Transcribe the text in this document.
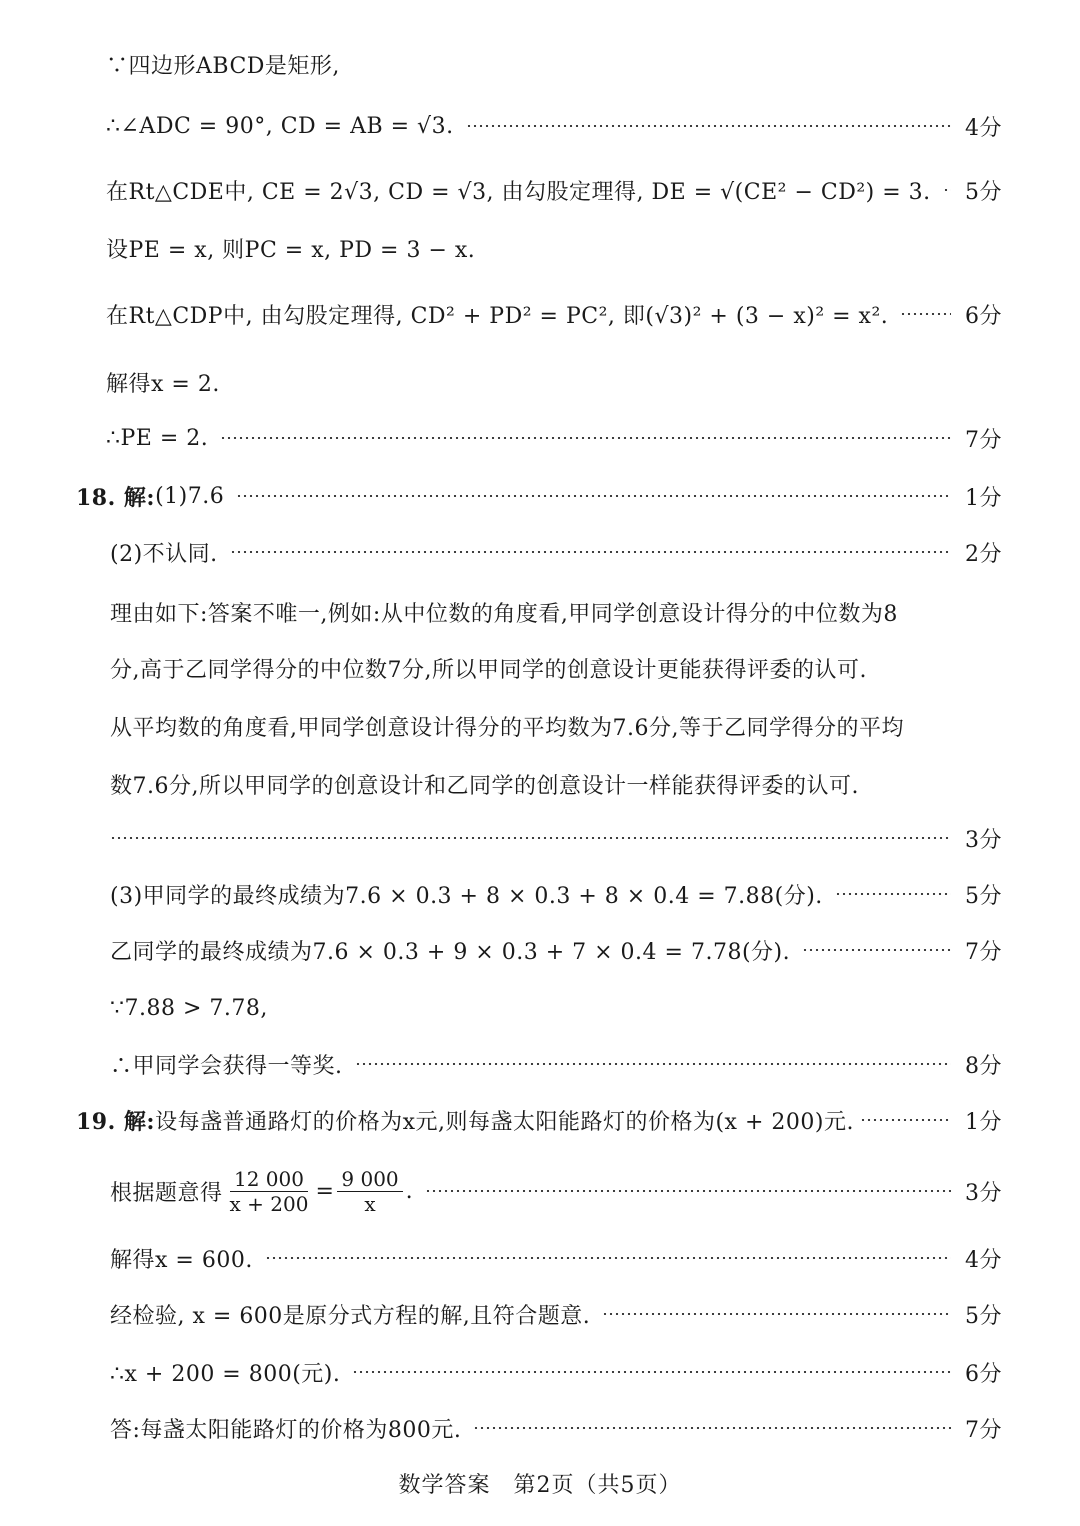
∵四边形ABCD是矩形,
∴∠ADC = 90°, CD = AB = √3.	4分
在Rt△CDE中, CE = 2√3, CD = √3, 由勾股定理得, DE = √(CE² − CD²) = 3. 5分
设PE = x, 则PC = x, PD = 3 − x.
在Rt△CDP中, 由勾股定理得, CD² + PD² = PC², 即(√3)² + (3 − x)² = x².	6分
解得x = 2.
∴PE = 2.	7分
18. 解: (1)7.6	1分
(2)不认同.	2分
理由如下:答案不唯一,例如:从中位数的角度看,甲同学创意设计得分的中位数为8
分,高于乙同学得分的中位数7分,所以甲同学的创意设计更能获得评委的认可.
从平均数的角度看,甲同学创意设计得分的平均数为7.6分,等于乙同学得分的平均
数7.6分,所以甲同学的创意设计和乙同学的创意设计一样能获得评委的认可.
3分
(3)甲同学的最终成绩为7.6 × 0.3 + 8 × 0.3 + 8 × 0.4 = 7.88(分).	5分
乙同学的最终成绩为7.6 × 0.3 + 9 × 0.3 + 7 × 0.4 = 7.78(分).	7分
∵7.88 > 7.78,
∴甲同学会获得一等奖.	8分
19. 解: 设每盏普通路灯的价格为x元,则每盏太阳能路灯的价格为(x + 200)元.	1分
根据题意得 $\frac{12 000}{x + 200} = \frac{9 000}{x}$ .	3分
解得x = 600.	4分
经检验, x = 600是原分式方程的解,且符合题意.	5分
∴x + 200 = 800(元).	6分
答:每盏太阳能路灯的价格为800元.	7分
数学答案　第2页（共5页）
